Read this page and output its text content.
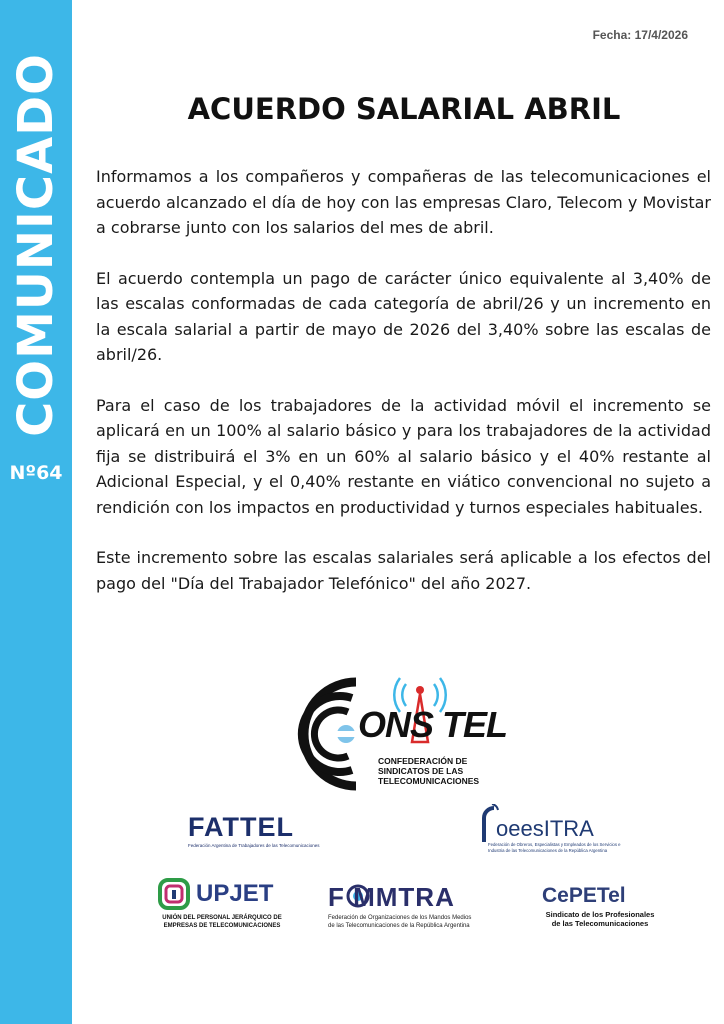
COMUNICADO
Nº64
Fecha: 17/4/2026
ACUERDO SALARIAL ABRIL

Informamos a los compañeros y compañeras de las telecomunicaciones el acuerdo alcanzado el día de hoy con las empresas Claro, Telecom y Movistar a cobrarse junto con los salarios del mes de abril.

El acuerdo contempla un pago de carácter único equivalente al 3,40% de las escalas conformadas de cada categoría de abril/26 y un incremento en la escala salarial a partir de mayo de 2026 del 3,40% sobre las escalas de abril/26.

Para el caso de los trabajadores de la actividad móvil el incremento se aplicará en un 100% al salario básico y para los trabajadores de la actividad fija se distribuirá el 3% en un 60% al salario básico y el 40% restante al Adicional Especial, y el 0,40% restante en viático convencional no sujeto a rendición con los impactos en productividad y turnos especiales habituales.

Este incremento sobre las escalas salariales será aplicable a los efectos del pago del "Día del Trabajador Telefónico" del año 2027.

ONS TEL
CONFEDERACIÓN DE
SINDICATOS DE LAS
TELECOMUNICACIONES
FATTEL
Federación Argentina de Trabajadores de las Telecomunicaciones
oeesITRA
Federación de Obreros, Especialistas y Empleados de los Servicios e Industria de las Telecomunicaciones de la República Argentina
UPJET
UNIÓN DEL PERSONAL JERÁRQUICO DE
EMPRESAS DE TELECOMUNICACIONES
F MMTRA
Federación de Organizaciones de los Mandos Medios
de las Telecomunicaciones de la República Argentina
CePETel
Sindicato de los Profesionales
de las Telecomunicaciones
